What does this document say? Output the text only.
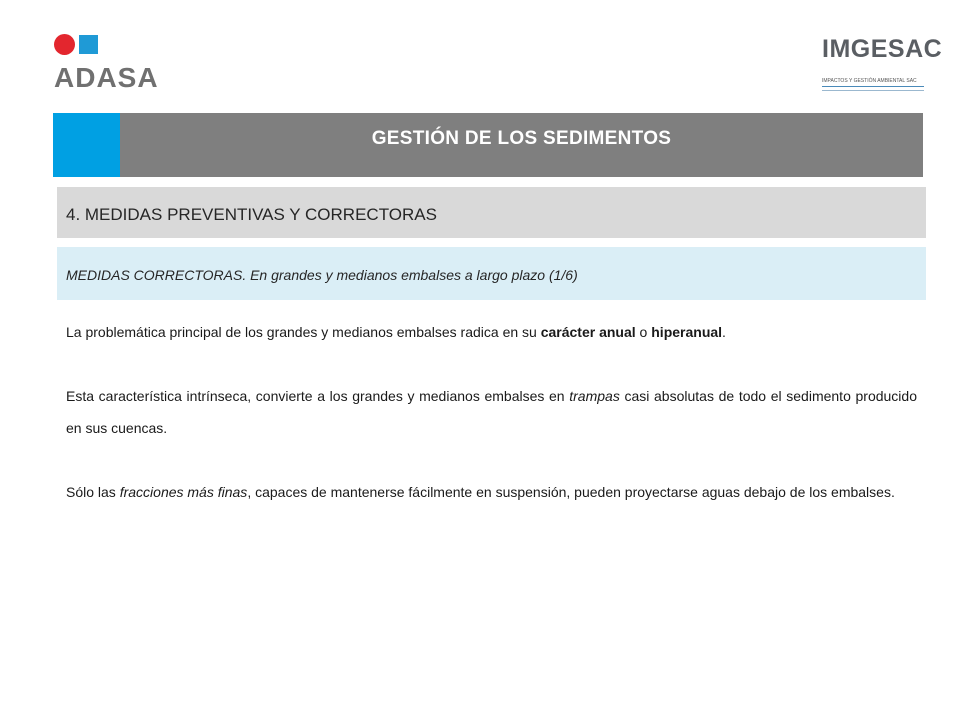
ADASA
IMGESAC
IMPACTOS Y GESTIÓN AMBIENTAL SAC
GESTIÓN DE LOS SEDIMENTOS
4. MEDIDAS PREVENTIVAS Y CORRECTORAS
MEDIDAS CORRECTORAS. En grandes y medianos embalses a largo plazo (1/6)

La problemática principal de los grandes y medianos embalses radica en su carácter anual o hiperanual.

Esta característica intrínseca, convierte a los grandes y medianos embalses en trampas casi absolutas de todo el sedimento producido en sus cuencas.

Sólo las fracciones más finas, capaces de mantenerse fácilmente en suspensión, pueden proyectarse aguas debajo de los embalses.
